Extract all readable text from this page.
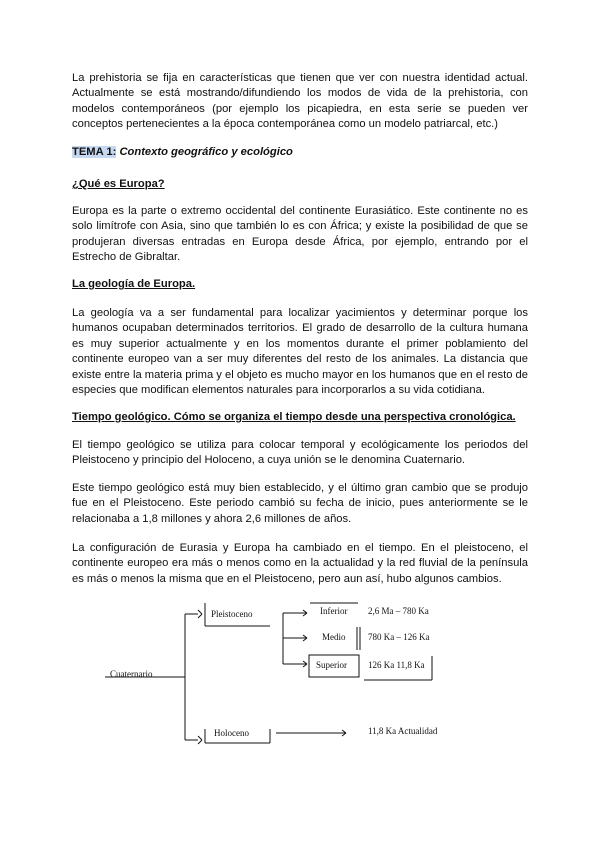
La prehistoria se fija en características que tienen que ver con nuestra identidad actual. Actualmente se está mostrando/difundiendo los modos de vida de la prehistoria, con modelos contemporáneos (por ejemplo los picapiedra, en esta serie se pueden ver conceptos pertenecientes a la época contemporánea como un modelo patriarcal, etc.)
TEMA 1: Contexto geográfico y ecológico
¿Qué es Europa?
Europa es la parte o extremo occidental del continente Eurasiático. Este continente no es solo limítrofe con Asia, sino que también lo es con África; y existe la posibilidad de que se produjeran diversas entradas en Europa desde África, por ejemplo, entrando por el Estrecho de Gibraltar.
La geología de Europa.
La geología va a ser fundamental para localizar yacimientos y determinar porque los humanos ocupaban determinados territorios. El grado de desarrollo de la cultura humana es muy superior actualmente y en los momentos durante el primer poblamiento del continente europeo van a ser muy diferentes del resto de los animales. La distancia que existe entre la materia prima y el objeto es mucho mayor en los humanos que en el resto de especies que modifican elementos naturales para incorporarlos a su vida cotidiana.
Tiempo geológico. Cómo se organiza el tiempo desde una perspectiva cronológica.
El tiempo geológico se utiliza para colocar temporal y ecológicamente los periodos del Pleistoceno y principio del Holoceno, a cuya unión se le denomina Cuaternario.
Este tiempo geológico está muy bien establecido, y el último gran cambio que se produjo fue en el Pleistoceno. Este periodo cambió su fecha de inicio, pues anteriormente se le relacionaba a 1,8 millones y ahora 2,6 millones de años.
La configuración de Eurasia y Europa ha cambiado en el tiempo. En el pleistoceno, el continente europeo era más o menos como en la actualidad y la red fluvial de la península es más o menos la misma que en el Pleistoceno, pero aun así, hubo algunos cambios.
Cuaternario
Pleistoceno
Holoceno
Inferior
Medio
Superior
2,6 Ma – 780 Ka
780 Ka – 126 Ka
126 Ka 11,8 Ka
11,8 Ka Actualidad
